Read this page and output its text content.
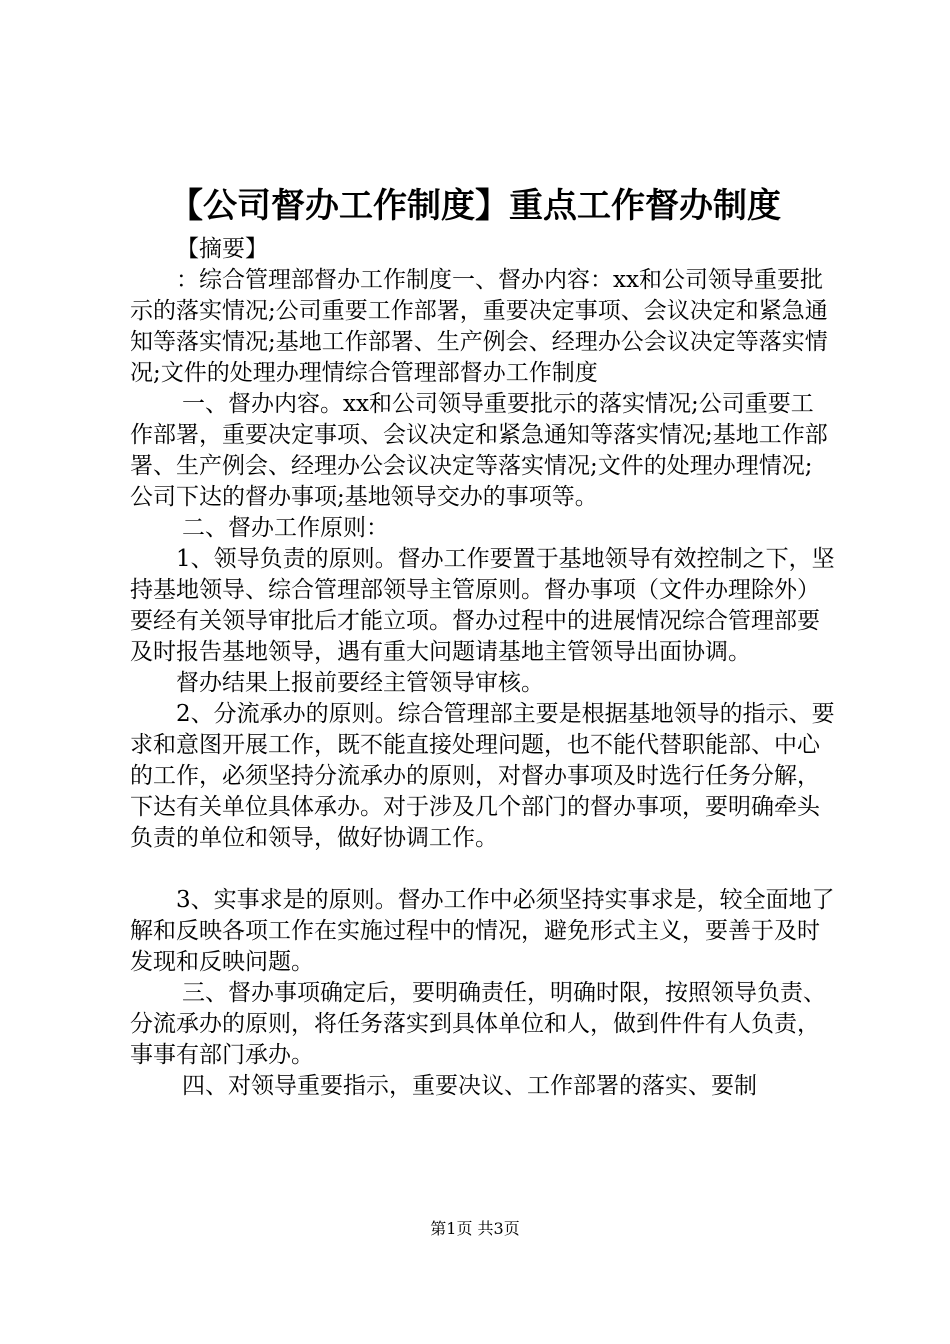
【公司督办工作制度】重点工作督办制度

【摘要】

：综合管理部督办工作制度一、督办内容：xx和公司领导重要批示的落实情况;公司重要工作部署，重要决定事项、会议决定和紧急通知等落实情况;基地工作部署、生产例会、经理办公会议决定等落实情况;文件的处理办理情综合管理部督办工作制度

一、督办内容。xx和公司领导重要批示的落实情况;公司重要工作部署，重要决定事项、会议决定和紧急通知等落实情况;基地工作部署、生产例会、经理办公会议决定等落实情况;文件的处理办理情况;公司下达的督办事项;基地领导交办的事项等。

二、督办工作原则：

1、领导负责的原则。督办工作要置于基地领导有效控制之下，坚持基地领导、综合管理部领导主管原则。督办事项（文件办理除外）要经有关领导审批后才能立项。督办过程中的进展情况综合管理部要及时报告基地领导，遇有重大问题请基地主管领导出面协调。

督办结果上报前要经主管领导审核。

2、分流承办的原则。综合管理部主要是根据基地领导的指示、要求和意图开展工作，既不能直接处理问题，也不能代替职能部、中心的工作，必须坚持分流承办的原则，对督办事项及时选行任务分解，下达有关单位具体承办。对于涉及几个部门的督办事项，要明确牵头负责的单位和领导，做好协调工作。

3、实事求是的原则。督办工作中必须坚持实事求是，较全面地了解和反映各项工作在实施过程中的情况，避免形式主义，要善于及时发现和反映问题。

三、督办事项确定后，要明确责任，明确时限，按照领导负责、分流承办的原则，将任务落实到具体单位和人，做到件件有人负责，事事有部门承办。

四、对领导重要指示，重要决议、工作部署的落实、要制

第1页 共3页
